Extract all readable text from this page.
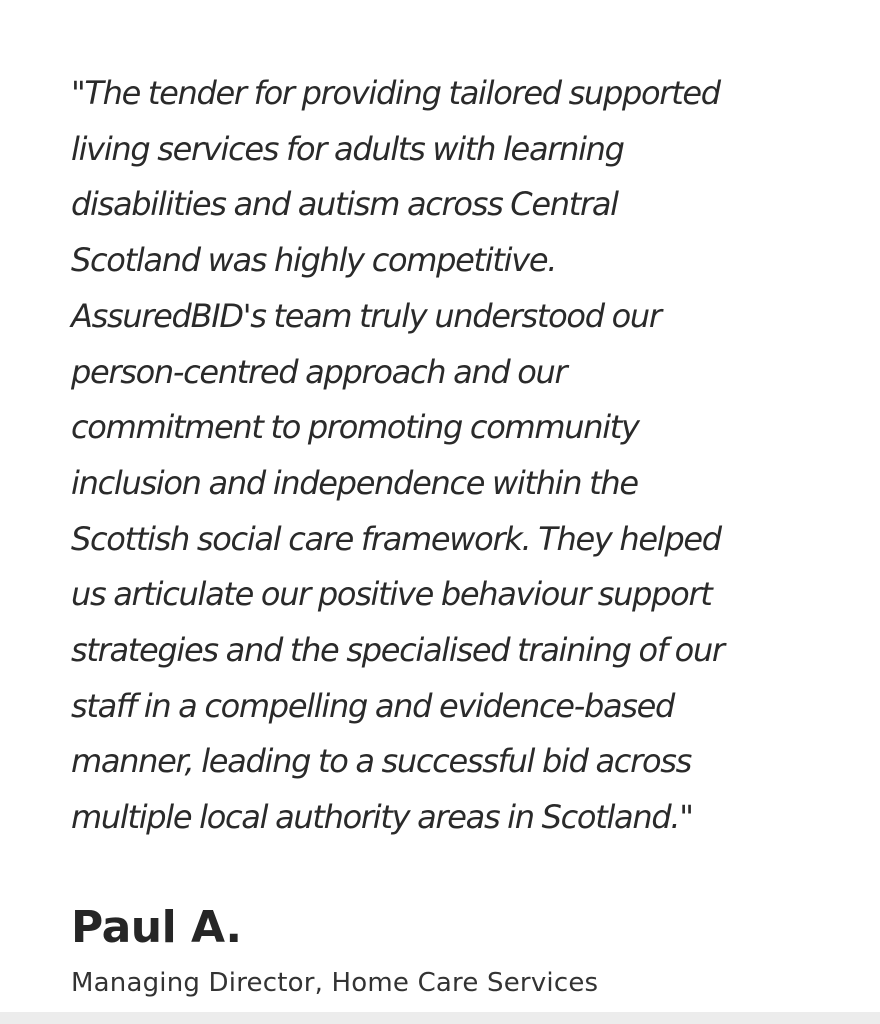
"The tender for providing tailored supported
living services for adults with learning
disabilities and autism across Central
Scotland was highly competitive.
AssuredBID's team truly understood our
person-centred approach and our
commitment to promoting community
inclusion and independence within the
Scottish social care framework. They helped
us articulate our positive behaviour support
strategies and the specialised training of our
staff in a compelling and evidence-based
manner, leading to a successful bid across
multiple local authority areas in Scotland."

Paul A.

Managing Director, Home Care Services
